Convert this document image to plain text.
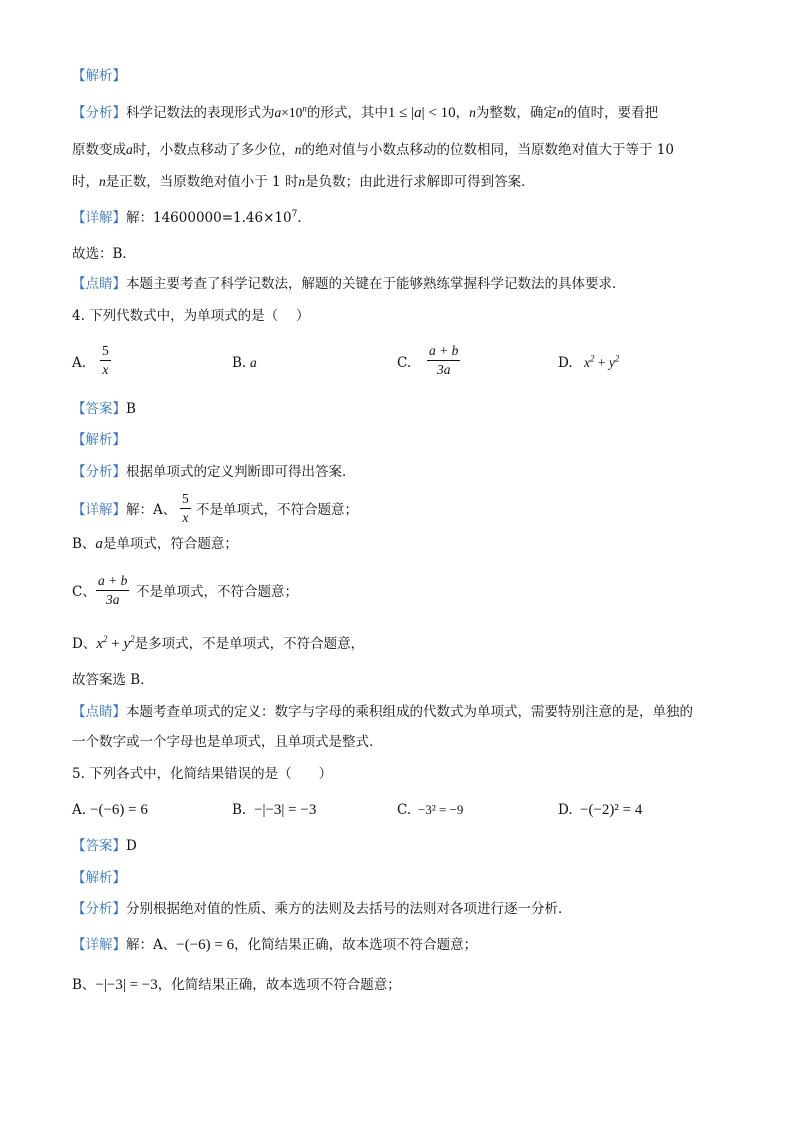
【解析】
【分析】科学记数法的表现形式为$a\times 10^n$的形式，其中1 ≤ |a| < 10，n为整数，确定n的值时，要看把
原数变成a时，小数点移动了多少位，n的绝对值与小数点移动的位数相同，当原数绝对值大于等于 10
时，n是正数，当原数绝对值小于 1 时n是负数；由此进行求解即可得到答案．
【详解】解：$14600000=1.46\times 10^7$．
故选：B．
【点睛】本题主要考查了科学记数法，解题的关键在于能够熟练掌握科学记数法的具体要求．
4. 下列代数式中，为单项式的是（　 ）
A. $\frac{5}{x}$	B. a	C. $\frac{a + b}{3a}$	D. $x^2 + y^2$
【答案】B
【解析】
【分析】根据单项式的定义判断即可得出答案．
【详解】解：A、 $\frac{5}{x}$ 不是单项式，不符合题意；
B、a是单项式，符合题意；
C、 $\frac{a + b}{3a}$ 不是单项式，不符合题意；
D、$x^2 + y^2$是多项式，不是单项式，不符合题意，
故答案选 B．
【点睛】本题考查单项式的定义：数字与字母的乘积组成的代数式为单项式，需要特别注意的是，单独的
一个数字或一个字母也是单项式，且单项式是整式．
5. 下列各式中，化简结果错误的是（　　）
A. −(−6) = 6	B. −|−3| = −3	C. −3² = −9	D. −(−2)² = 4
【答案】D
【解析】
【分析】分别根据绝对值的性质、乘方的法则及去括号的法则对各项进行逐一分析．
【详解】解：A、−(−6) = 6，化简结果正确，故本选项不符合题意；
B、−|−3| = −3，化简结果正确，故本选项不符合题意；
